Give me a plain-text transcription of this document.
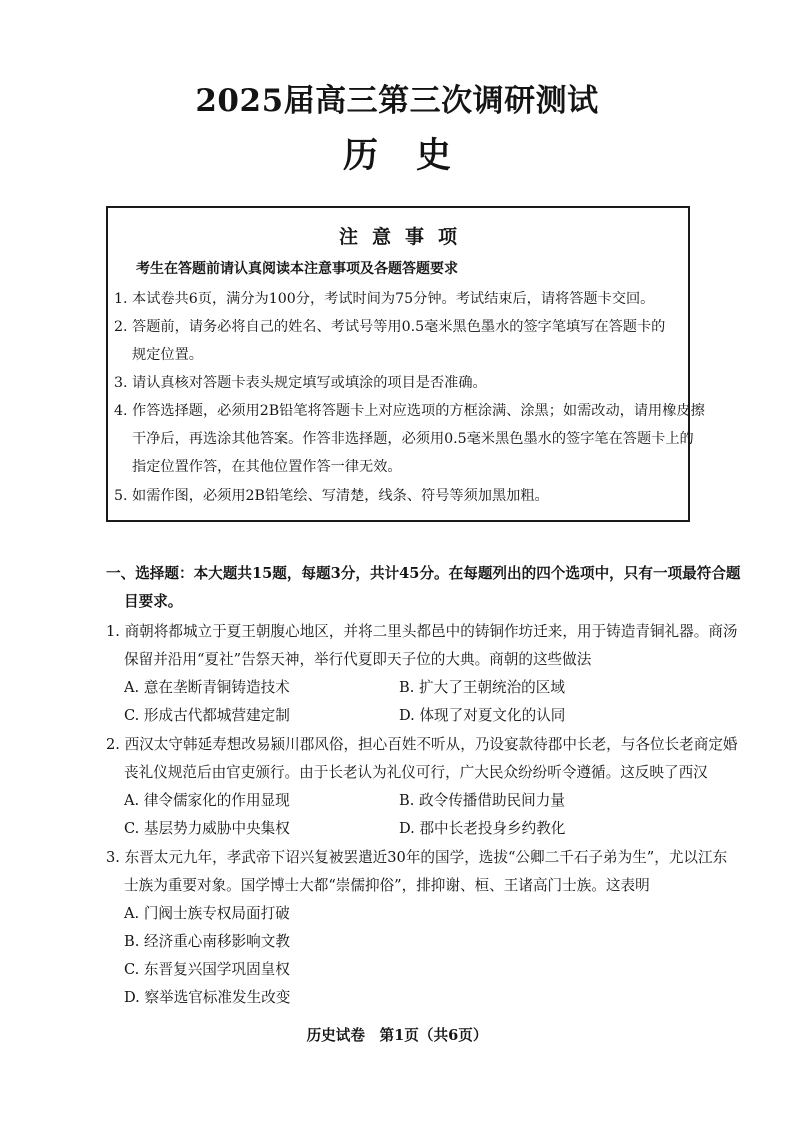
2025届高三第三次调研测试
历史
注意事项
考生在答题前请认真阅读本注意事项及各题答题要求
1. 本试卷共6页，满分为100分，考试时间为75分钟。考试结束后，请将答题卡交回。
2. 答题前，请务必将自己的姓名、考试号等用0.5毫米黑色墨水的签字笔填写在答题卡的
规定位置。
3. 请认真核对答题卡表头规定填写或填涂的项目是否准确。
4. 作答选择题，必须用2B铅笔将答题卡上对应选项的方框涂满、涂黑；如需改动，请用橡皮擦
干净后，再选涂其他答案。作答非选择题，必须用0.5毫米黑色墨水的签字笔在答题卡上的
指定位置作答，在其他位置作答一律无效。
5. 如需作图，必须用2B铅笔绘、写清楚，线条、符号等须加黑加粗。
一、选择题：本大题共15题，每题3分，共计45分。在每题列出的四个选项中，只有一项最符合题
目要求。
1. 商朝将都城立于夏王朝腹心地区，并将二里头都邑中的铸铜作坊迁来，用于铸造青铜礼器。商汤
保留并沿用“夏社”告祭天神，举行代夏即天子位的大典。商朝的这些做法
A. 意在垄断青铜铸造技术	B. 扩大了王朝统治的区域
C. 形成古代都城营建定制	D. 体现了对夏文化的认同
2. 西汉太守韩延寿想改易颍川郡风俗，担心百姓不听从，乃设宴款待郡中长老，与各位长老商定婚
丧礼仪规范后由官吏颁行。由于长老认为礼仪可行，广大民众纷纷听令遵循。这反映了西汉
A. 律令儒家化的作用显现	B. 政令传播借助民间力量
C. 基层势力威胁中央集权	D. 郡中长老投身乡约教化
3. 东晋太元九年，孝武帝下诏兴复被罢遣近30年的国学，选拔“公卿二千石子弟为生”，尤以江东
士族为重要对象。国学博士大都“崇儒抑俗”，排抑谢、桓、王诸高门士族。这表明
A. 门阀士族专权局面打破
B. 经济重心南移影响文教
C. 东晋复兴国学巩固皇权
D. 察举选官标准发生改变
历史试卷　第1页（共6页）
